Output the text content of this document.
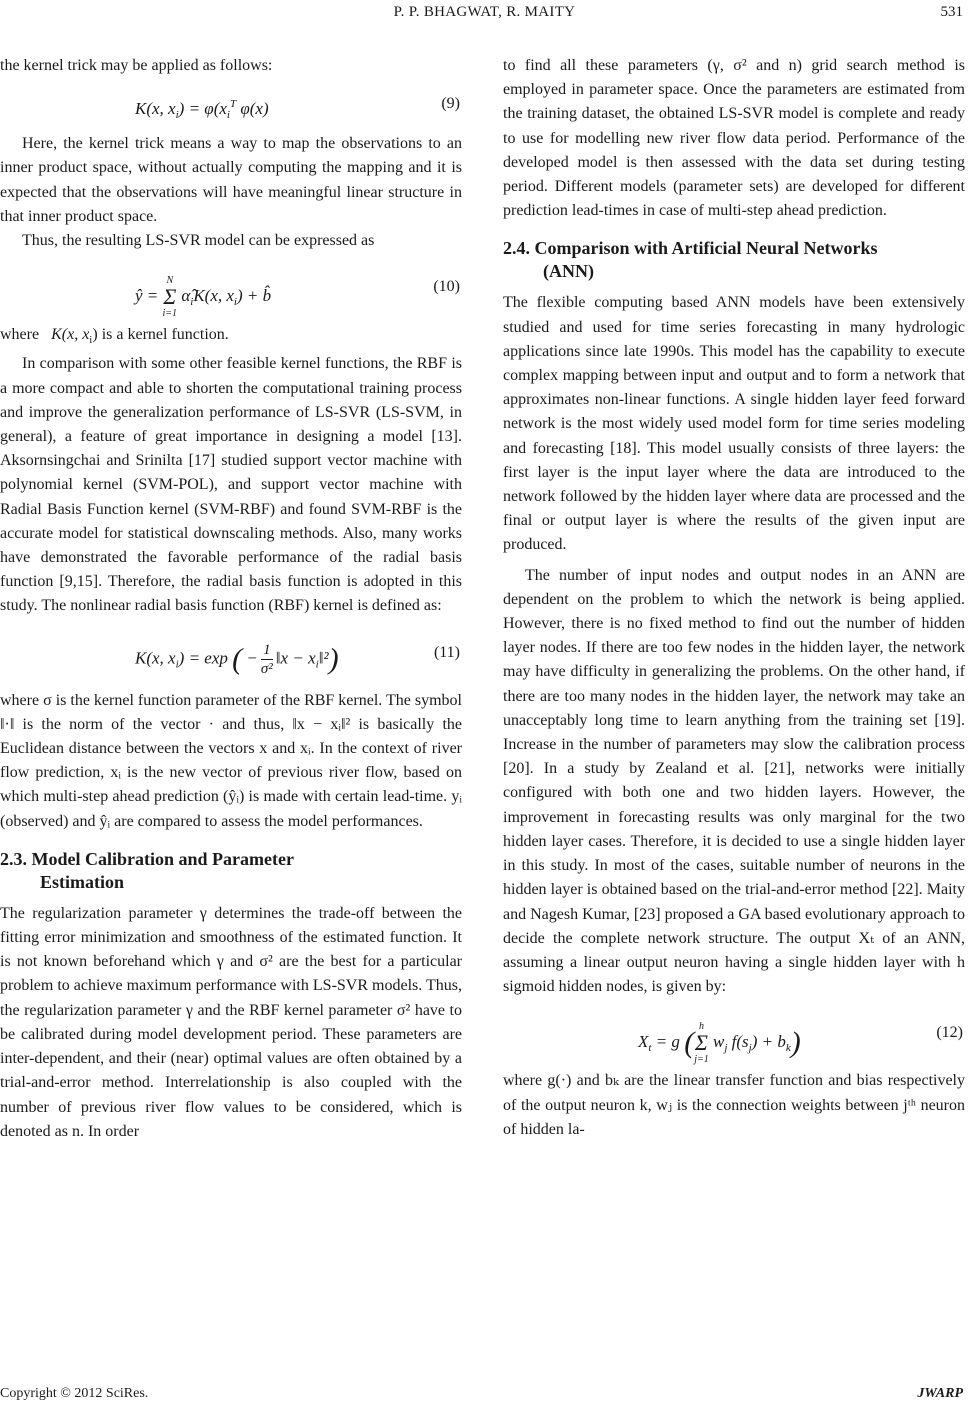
P. P. BHAGWAT, R. MAITY	531

the kernel trick may be applied as follows:

K(x, $x_i) = \varphi(x_i^T$ φ(x)	(9)

Here, the kernel trick means a way to map the observations to an inner product space, without actually computing the mapping and it is expected that the observations will have meaningful linear structure in that inner product space.

Thus, the resulting LS-SVR model can be expressed as

ŷ = N
Σ
i=1 $\alphâ_iK(x$, $x_i$) + b̂	(10)

where K(x, $x_i$) is a kernel function.

In comparison with some other feasible kernel functions, the RBF is a more compact and able to shorten the computational training process and improve the generalization performance of LS-SVR (LS-SVM, in general), a feature of great importance in designing a model [13]. Aksornsingchai and Srinilta [17] studied support vector machine with polynomial kernel (SVM-POL), and support vector machine with Radial Basis Function kernel (SVM-RBF) and found SVM-RBF is the accurate model for statistical downscaling methods. Also, many works have demonstrated the favorable performance of the radial basis function [9,15]. Therefore, the radial basis function is adopted in this study. The nonlinear radial basis function (RBF) kernel is defined as:

K(x, $x_i) = \exp$ ( − $\frac{1}{\text{σ²}}$ ‖x − $x_i‖^2$)	(11)

where σ is the kernel function parameter of the RBF kernel. The symbol ‖·‖ is the norm of the vector · and thus, ‖x − xᵢ‖² is basically the Euclidean distance between the vectors x and xᵢ. In the context of river flow prediction, xᵢ is the new vector of previous river flow, based on which multi-step ahead prediction (ŷᵢ) is made with certain lead-time. yᵢ (observed) and ŷᵢ are compared to assess the model performances.

2.3. Model Calibration and Parameter
Estimation

The regularization parameter γ determines the trade-off between the fitting error minimization and smoothness of the estimated function. It is not known beforehand which γ and σ² are the best for a particular problem to achieve maximum performance with LS-SVR models. Thus, the regularization parameter γ and the RBF kernel parameter σ² have to be calibrated during model development period. These parameters are inter-dependent, and their (near) optimal values are often obtained by a trial-and-error method. Interrelationship is also coupled with the number of previous river flow values to be considered, which is denoted as n. In order

to find all these parameters (γ, σ² and n) grid search method is employed in parameter space. Once the parameters are estimated from the training dataset, the obtained LS-SVR model is complete and ready to use for modelling new river flow data period. Performance of the developed model is then assessed with the data set during testing period. Different models (parameter sets) are developed for different prediction lead-times in case of multi-step ahead prediction.

2.4. Comparison with Artificial Neural Networks
(ANN)

The flexible computing based ANN models have been extensively studied and used for time series forecasting in many hydrologic applications since late 1990s. This model has the capability to execute complex mapping between input and output and to form a network that approximates non-linear functions. A single hidden layer feed forward network is the most widely used model form for time series modeling and forecasting [18]. This model usually consists of three layers: the first layer is the input layer where the data are introduced to the network followed by the hidden layer where data are processed and the final or output layer is where the results of the given input are produced.

The number of input nodes and output nodes in an ANN are dependent on the problem to which the network is being applied. However, there is no fixed method to find out the number of hidden layer nodes. If there are too few nodes in the hidden layer, the network may have difficulty in generalizing the problems. On the other hand, if there are too many nodes in the hidden layer, the network may take an unacceptably long time to learn anything from the training set [19]. Increase in the number of parameters may slow the calibration process [20]. In a study by Zealand et al. [21], networks were initially configured with both one and two hidden layers. However, the improvement in forecasting results was only marginal for the two hidden layer cases. Therefore, it is decided to use a single hidden layer in this study. In most of the cases, suitable number of neurons in the hidden layer is obtained based on the trial-and-error method [22]. Maity and Nagesh Kumar, [23] proposed a GA based evolutionary approach to decide the complete network structure. The output Xₜ of an ANN, assuming a linear output neuron having a single hidden layer with h sigmoid hidden nodes, is given by:

$X_t = g$ ( h
Σ
j=1 $w_j$ $f(s_j) + b_k$)	(12)

where g(·) and bₖ are the linear transfer function and bias respectively of the output neuron k, wⱼ is the connection weights between jᵗʰ neuron of hidden la-

Copyright © 2012 SciRes.	JWARP
